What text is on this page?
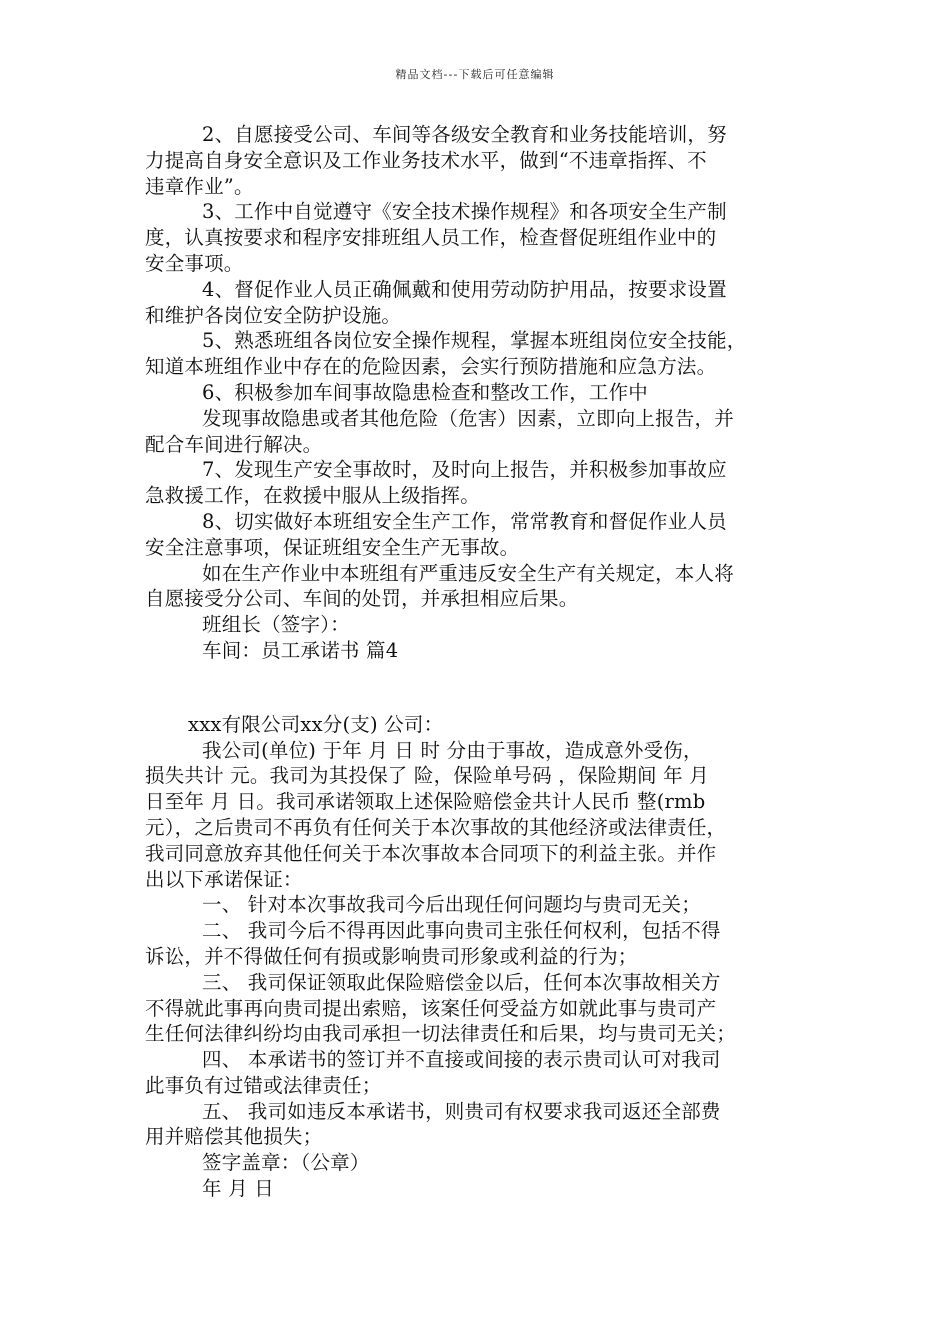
精品文档---下载后可任意编辑
2、自愿接受公司、车间等各级安全教育和业务技能培训，努
力提高自身安全意识及工作业务技术水平，做到“不违章指挥、不
违章作业”。
3、工作中自觉遵守《安全技术操作规程》和各项安全生产制
度，认真按要求和程序安排班组人员工作，检查督促班组作业中的
安全事项。
4、督促作业人员正确佩戴和使用劳动防护用品，按要求设置
和维护各岗位安全防护设施。
5、熟悉班组各岗位安全操作规程，掌握本班组岗位安全技能，
知道本班组作业中存在的危险因素，会实行预防措施和应急方法。
6、积极参加车间事故隐患检查和整改工作，工作中
发现事故隐患或者其他危险（危害）因素，立即向上报告，并
配合车间进行解决。
7、发现生产安全事故时，及时向上报告，并积极参加事故应
急救援工作，在救援中服从上级指挥。
8、切实做好本班组安全生产工作，常常教育和督促作业人员
安全注意事项，保证班组安全生产无事故。
如在生产作业中本班组有严重违反安全生产有关规定，本人将
自愿接受分公司、车间的处罚，并承担相应后果。
班组长（签字）：
车间：员工承诺书 篇4
xxx有限公司xx分(支) 公司：
我公司(单位) 于年 月 日 时 分由于事故，造成意外受伤，
损失共计 元。我司为其投保了 险，保险单号码 ，保险期间 年 月
日至年 月 日。我司承诺领取上述保险赔偿金共计人民币 整(rmb
元），之后贵司不再负有任何关于本次事故的其他经济或法律责任，
我司同意放弃其他任何关于本次事故本合同项下的利益主张。并作
出以下承诺保证：
一、 针对本次事故我司今后出现任何问题均与贵司无关；
二、 我司今后不得再因此事向贵司主张任何权利，包括不得
诉讼，并不得做任何有损或影响贵司形象或利益的行为；
三、 我司保证领取此保险赔偿金以后，任何本次事故相关方
不得就此事再向贵司提出索赔，该案任何受益方如就此事与贵司产
生任何法律纠纷均由我司承担一切法律责任和后果，均与贵司无关；
四、 本承诺书的签订并不直接或间接的表示贵司认可对我司
此事负有过错或法律责任；
五、 我司如违反本承诺书，则贵司有权要求我司返还全部费
用并赔偿其他损失；
签字盖章：（公章）
年 月 日
